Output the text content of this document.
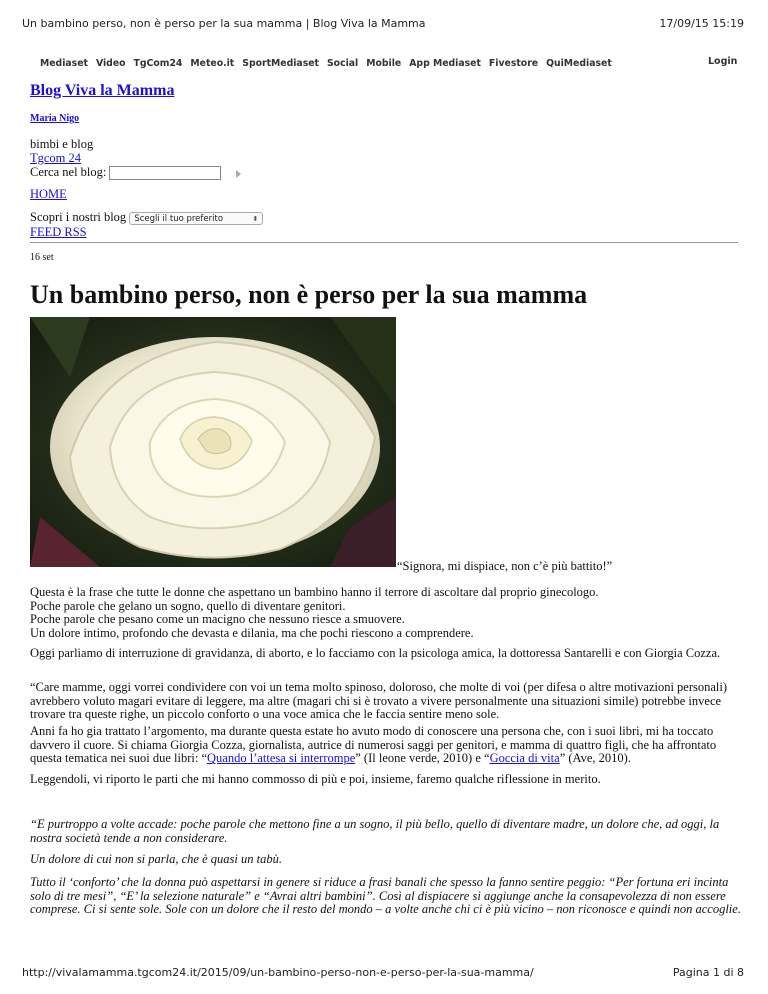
Un bambino perso, non è perso per la sua mamma | Blog Viva la Mamma	17/09/15 15:19
Mediaset Video TgCom24 Meteo.it SportMediaset Social Mobile App Mediaset Fivestore QuiMediaset	Login
Blog Viva la Mamma
Maria Nigo
bimbi e blog
Tgcom 24
Cerca nel blog:
HOME
Scopri i nostri blog Scegli il tuo preferito	⬍
FEED RSS
16 set
Un bambino perso, non è perso per la sua mamma
“Signora, mi dispiace, non c’è più battito!”

Questa è la frase che tutte le donne che aspettano un bambino hanno il terrore di ascoltare dal proprio ginecologo.

Poche parole che gelano un sogno, quello di diventare genitori.

Poche parole che pesano come un macigno che nessuno riesce a smuovere.

Un dolore intimo, profondo che devasta e dilania, ma che pochi riescono a comprendere.

Oggi parliamo di interruzione di gravidanza, di aborto, e lo facciamo con la psicologa amica, la dottoressa Santarelli e con Giorgia Cozza.

“Care mamme, oggi vorrei condividere con voi un tema molto spinoso, doloroso, che molte di voi (per difesa o altre motivazioni personali) avrebbero voluto magari evitare di leggere, ma altre (magari chi si è trovato a vivere personalmente una situazioni simile) potrebbe invece trovare tra queste righe, un piccolo conforto o una voce amica che le faccia sentire meno sole.

Anni fa ho gia trattato l’argomento, ma durante questa estate ho avuto modo di conoscere una persona che, con i suoi libri, mi ha toccato davvero il cuore. Si chiama Giorgia Cozza, giornalista, autrice di numerosi saggi per genitori, e mamma di quattro figli, che ha affrontato questa tematica nei suoi due libri: “Quando l’attesa si interrompe” (Il leone verde, 2010) e “Goccia di vita” (Ave, 2010).

Leggendoli, vi riporto le parti che mi hanno commosso di più e poi, insieme, faremo qualche riflessione in merito.

“E purtroppo a volte accade: poche parole che mettono fine a un sogno, il più bello, quello di diventare madre, un dolore che, ad oggi, la nostra società tende a non considerare.

Un dolore di cui non si parla, che è quasi un tabù.

Tutto il ‘conforto’ che la donna può aspettarsi in genere si riduce a frasi banali che spesso la fanno sentire peggio: “Per fortuna eri incinta solo di tre mesi”, “E’ la selezione naturale” e “Avrai altri bambini”. Così al dispiacere si aggiunge anche la consapevolezza di non essere comprese. Ci si sente sole. Sole con un dolore che il resto del mondo – a volte anche chi ci è più vicino – non riconosce e quindi non accoglie.

http://vivalamamma.tgcom24.it/2015/09/un-bambino-perso-non-e-perso-per-la-sua-mamma/	Pagina 1 di 8
